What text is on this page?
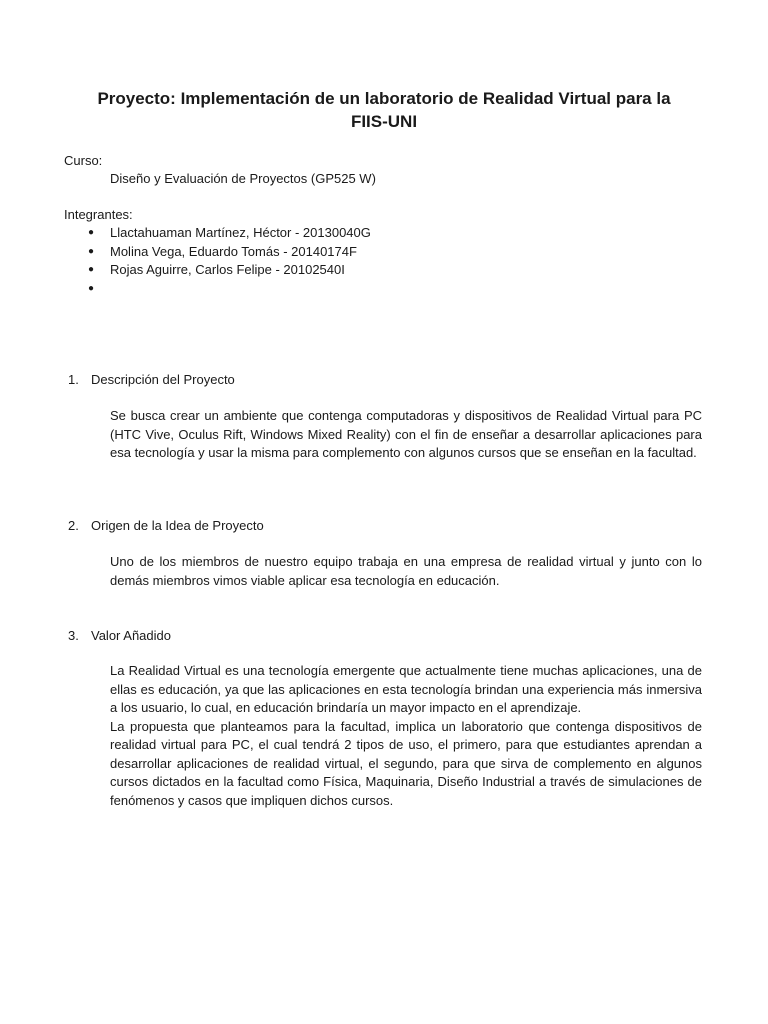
Proyecto: Implementación de un laboratorio de Realidad Virtual para la
FIIS-UNI
Curso:
Diseño y Evaluación de Proyectos (GP525 W)
Integrantes:
● Llactahuaman Martínez, Héctor - 20130040G
● Molina Vega, Eduardo Tomás - 20140174F
● Rojas Aguirre, Carlos Felipe - 20102540I
●
1. Descripción del Proyecto

Se busca crear un ambiente que contenga computadoras y dispositivos de Realidad Virtual para PC (HTC Vive, Oculus Rift, Windows Mixed Reality) con el fin de enseñar a desarrollar aplicaciones para esa tecnología y usar la misma para complemento con algunos cursos que se enseñan en la facultad.

2. Origen de la Idea de Proyecto

Uno de los miembros de nuestro equipo trabaja en una empresa de realidad virtual y junto con lo demás miembros vimos viable aplicar esa tecnología en educación.

3. Valor Añadido

La Realidad Virtual es una tecnología emergente que actualmente tiene muchas aplicaciones, una de ellas es educación, ya que las aplicaciones en esta tecnología brindan una experiencia más inmersiva a los usuario, lo cual, en educación brindaría un mayor impacto en el aprendizaje.

La propuesta que planteamos para la facultad, implica un laboratorio que contenga dispositivos de realidad virtual para PC, el cual tendrá 2 tipos de uso, el primero, para que estudiantes aprendan a desarrollar aplicaciones de realidad virtual, el segundo, para que sirva de complemento en algunos cursos dictados en la facultad como Física, Maquinaria, Diseño Industrial a través de simulaciones de fenómenos y casos que impliquen dichos cursos.
